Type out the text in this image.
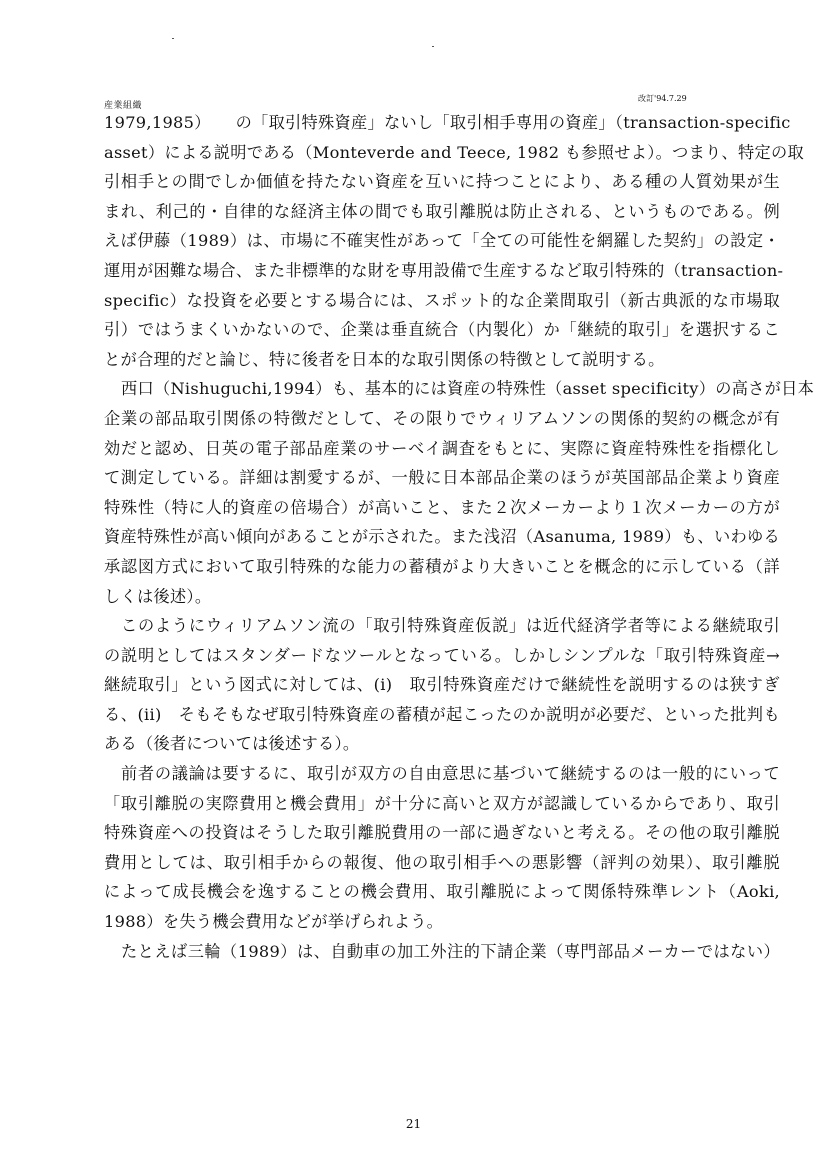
産業組織
改訂'94.7.29
1979,1985）　　の「取引特殊資産」ないし「取引相手専用の資産」（transaction-specific
asset）による説明である（Monteverde and Teece, 1982 も参照せよ）。つまり、特定の取
引相手との間でしか価値を持たない資産を互いに持つことにより、ある種の人質効果が生
まれ、利己的・自律的な経済主体の間でも取引離脱は防止される、というものである。例
えば伊藤（1989）は、市場に不確実性があって「全ての可能性を網羅した契約」の設定・
運用が困難な場合、また非標準的な財を専用設備で生産するなど取引特殊的（transaction-
specific）な投資を必要とする場合には、スポット的な企業間取引（新古典派的な市場取
引）ではうまくいかないので、企業は垂直統合（内製化）か「継続的取引」を選択するこ
とが合理的だと論じ、特に後者を日本的な取引関係の特徴として説明する。
西口（Nishuguchi,1994）も、基本的には資産の特殊性（asset specificity）の高さが日本
企業の部品取引関係の特徴だとして、その限りでウィリアムソンの関係的契約の概念が有
効だと認め、日英の電子部品産業のサーベイ調査をもとに、実際に資産特殊性を指標化し
て測定している。詳細は割愛するが、一般に日本部品企業のほうが英国部品企業より資産
特殊性（特に人的資産の倍場合）が高いこと、また２次メーカーより１次メーカーの方が
資産特殊性が高い傾向があることが示された。また浅沼（Asanuma, 1989）も、いわゆる
承認図方式において取引特殊的な能力の蓄積がより大きいことを概念的に示している（詳
しくは後述）。
このようにウィリアムソン流の「取引特殊資産仮説」は近代経済学者等による継続取引
の説明としてはスタンダードなツールとなっている。しかしシンプルな「取引特殊資産→
継続取引」という図式に対しては、(i)　取引特殊資産だけで継続性を説明するのは狭すぎ
る、(ii)　そもそもなぜ取引特殊資産の蓄積が起こったのか説明が必要だ、といった批判も
ある（後者については後述する）。
前者の議論は要するに、取引が双方の自由意思に基づいて継続するのは一般的にいって
「取引離脱の実際費用と機会費用」が十分に高いと双方が認識しているからであり、取引
特殊資産への投資はそうした取引離脱費用の一部に過ぎないと考える。その他の取引離脱
費用としては、取引相手からの報復、他の取引相手への悪影響（評判の効果）、取引離脱
によって成長機会を逸することの機会費用、取引離脱によって関係特殊準レント（Aoki,
1988）を失う機会費用などが挙げられよう。
たとえば三輪（1989）は、自動車の加工外注的下請企業（専門部品メーカーではない）
21
